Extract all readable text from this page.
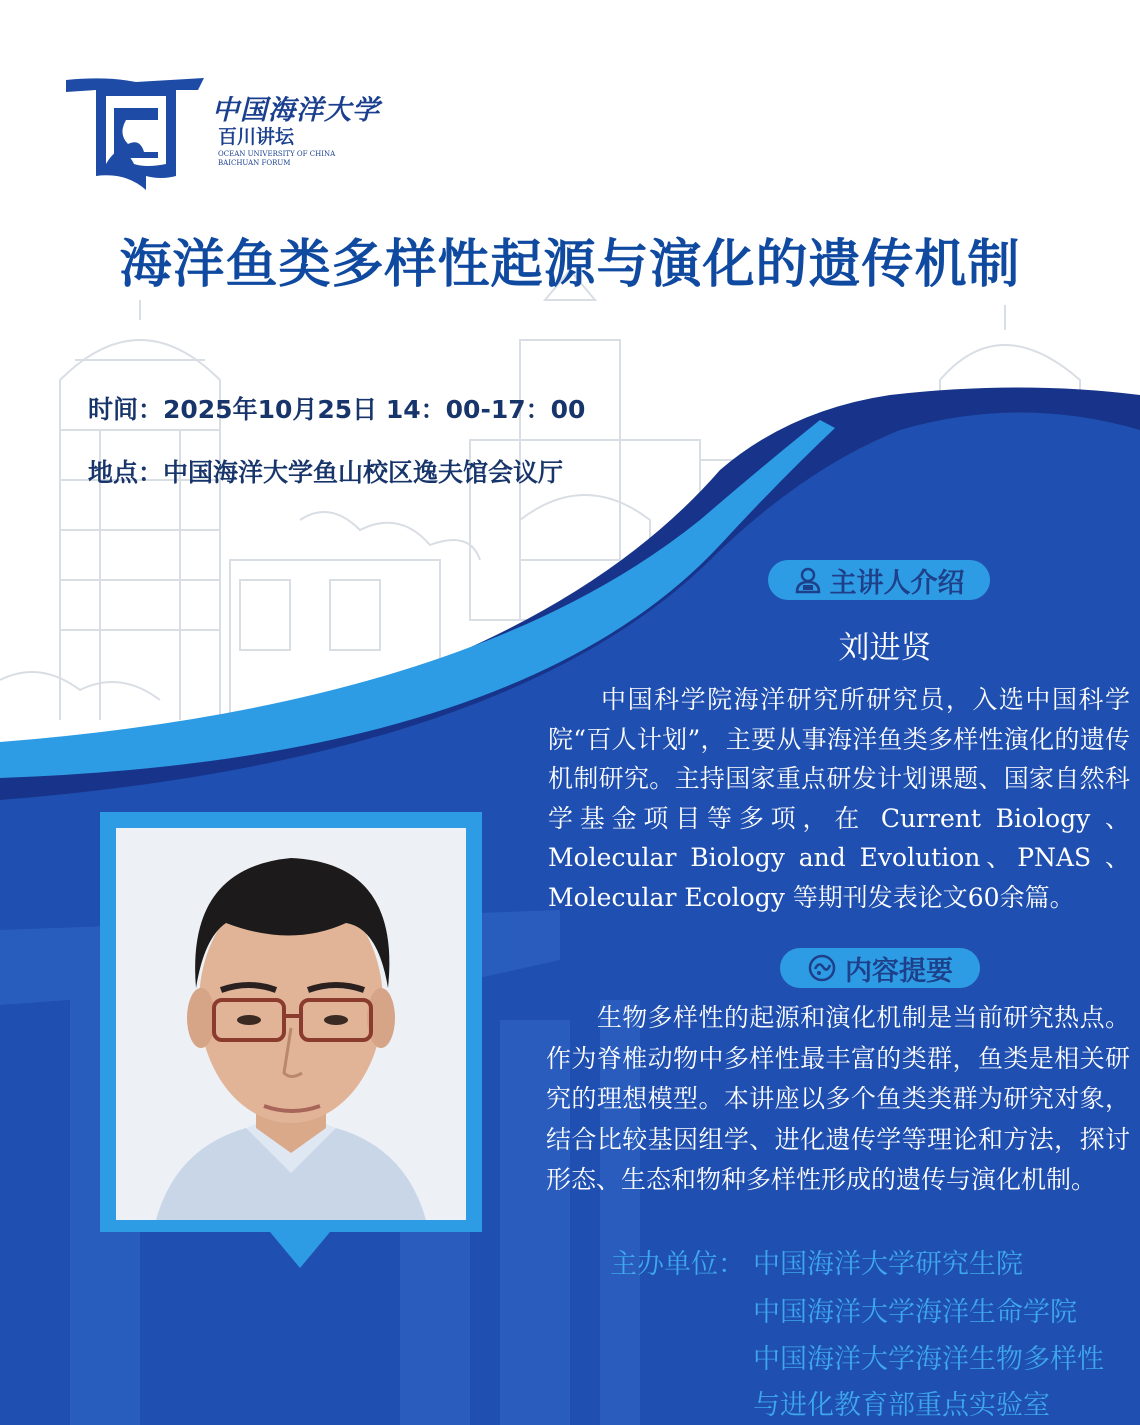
中国海洋大学
百川讲坛
OCEAN UNIVERSITY OF CHINA
BAICHUAN FORUM
海洋鱼类多样性起源与演化的遗传机制
时间：2025年10月25日 14：00-17：00
地点：中国海洋大学鱼山校区逸夫馆会议厅
主讲人介绍
刘进贤
　　中国科学院海洋研究所研究员，入选中国科学院“百人计划”，主要从事海洋鱼类多样性演化的遗传机制研究。主持国家重点研发计划课题、国家自然科学基金项目等多项，在 Current Biology 、Molecular Biology and Evolution、PNAS 、Molecular Ecology 等期刊发表论文60余篇。
内容提要
　　生物多样性的起源和演化机制是当前研究热点。作为脊椎动物中多样性最丰富的类群，鱼类是相关研究的理想模型。本讲座以多个鱼类类群为研究对象，结合比较基因组学、进化遗传学等理论和方法，探讨形态、生态和物种多样性形成的遗传与演化机制。
主办单位： 中国海洋大学研究生院
中国海洋大学海洋生命学院
中国海洋大学海洋生物多样性
与进化教育部重点实验室
